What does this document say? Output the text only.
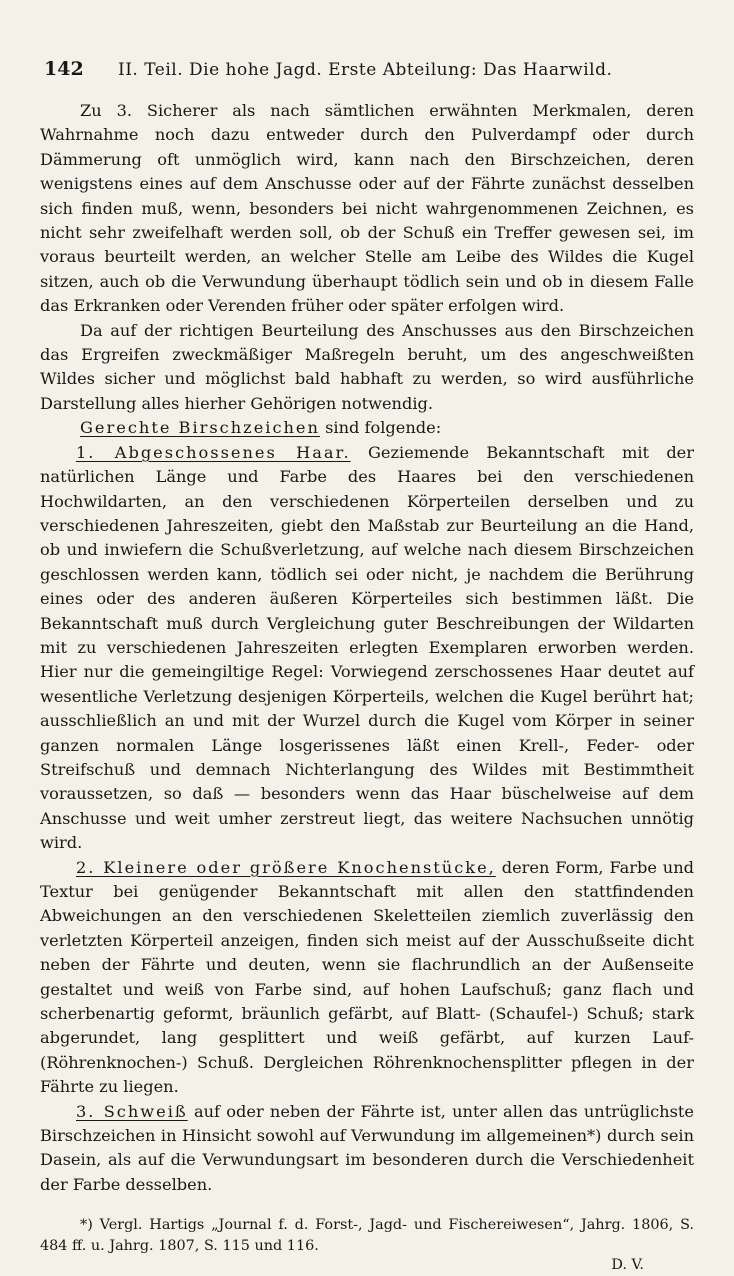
142	II. Teil. Die hohe Jagd. Erste Abteilung: Das Haarwild.

Zu 3. Sicherer als nach sämtlichen erwähnten Merkmalen, deren Wahrnahme noch dazu entweder durch den Pulverdampf oder durch Dämmerung oft unmöglich wird, kann nach den Birschzeichen, deren wenigstens eines auf dem Anschusse oder auf der Fährte zunächst desselben sich finden muß, wenn, besonders bei nicht wahrgenommenen Zeichnen, es nicht sehr zweifelhaft werden soll, ob der Schuß ein Treffer gewesen sei, im voraus beurteilt werden, an welcher Stelle am Leibe des Wildes die Kugel sitzen, auch ob die Verwundung überhaupt tödlich sein und ob in diesem Falle das Erkranken oder Verenden früher oder später erfolgen wird.

Da auf der richtigen Beurteilung des Anschusses aus den Birschzeichen das Ergreifen zweckmäßiger Maßregeln beruht, um des angeschweißten Wildes sicher und möglichst bald habhaft zu werden, so wird ausführliche Darstellung alles hierher Gehörigen notwendig.

Gerechte Birschzeichen sind folgende:

1. Abgeschossenes Haar. Geziemende Bekanntschaft mit der natürlichen Länge und Farbe des Haares bei den verschiedenen Hochwildarten, an den verschiedenen Körperteilen derselben und zu verschiedenen Jahreszeiten, giebt den Maßstab zur Beurteilung an die Hand, ob und inwiefern die Schußverletzung, auf welche nach diesem Birschzeichen geschlossen werden kann, tödlich sei oder nicht, je nachdem die Berührung eines oder des anderen äußeren Körperteiles sich bestimmen läßt. Die Bekanntschaft muß durch Vergleichung guter Beschreibungen der Wildarten mit zu verschiedenen Jahreszeiten erlegten Exemplaren erworben werden. Hier nur die gemeingiltige Regel: Vorwiegend zerschossenes Haar deutet auf wesentliche Verletzung desjenigen Körperteils, welchen die Kugel berührt hat; ausschließlich an und mit der Wurzel durch die Kugel vom Körper in seiner ganzen normalen Länge losgerissenes läßt einen Krell-, Feder- oder Streifschuß und demnach Nichterlangung des Wildes mit Bestimmtheit voraussetzen, so daß — besonders wenn das Haar büschelweise auf dem Anschusse und weit umher zerstreut liegt, das weitere Nachsuchen unnötig wird.

2. Kleinere oder größere Knochenstücke, deren Form, Farbe und Textur bei genügender Bekanntschaft mit allen den stattfindenden Abweichungen an den verschiedenen Skeletteilen ziemlich zuverlässig den verletzten Körperteil anzeigen, finden sich meist auf der Ausschußseite dicht neben der Fährte und deuten, wenn sie flachrundlich an der Außenseite gestaltet und weiß von Farbe sind, auf hohen Laufschuß; ganz flach und scherbenartig geformt, bräunlich gefärbt, auf Blatt- (Schaufel-) Schuß; stark abgerundet, lang gesplittert und weiß gefärbt, auf kurzen Lauf- (Röhrenknochen-) Schuß. Dergleichen Röhrenknochensplitter pflegen in der Fährte zu liegen.

3. Schweiß auf oder neben der Fährte ist, unter allen das untrüglichste Birschzeichen in Hinsicht sowohl auf Verwundung im allgemeinen*) durch sein Dasein, als auf die Verwundungsart im besonderen durch die Verschiedenheit der Farbe desselben.

*) Vergl. Hartigs „Journal f. d. Forst-, Jagd- und Fischereiwesen“, Jahrg. 1806, S. 484 ff. u. Jahrg. 1807, S. 115 und 116.

D. V.
